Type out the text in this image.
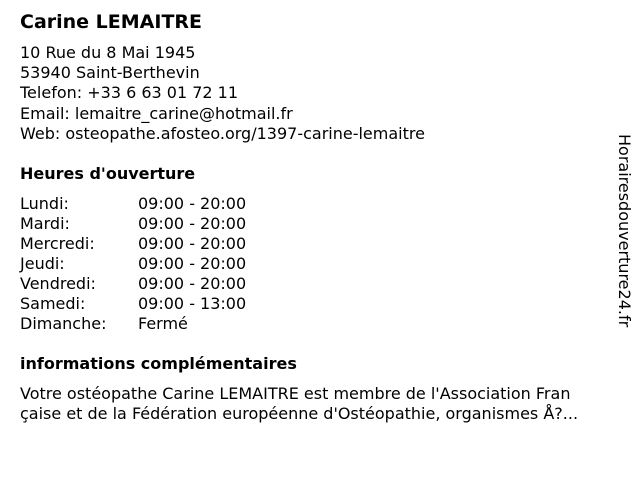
Carine LEMAITRE
10 Rue du 8 Mai 1945
53940 Saint-Berthevin
Telefon: +33 6 63 01 72 11
Email: lemaitre_carine@hotmail.fr
Web: osteopathe.afosteo.org/1397-carine-lemaitre
Heures d'ouverture
Lundi:	09:00 - 20:00
Mardi:	09:00 - 20:00
Mercredi:	09:00 - 20:00
Jeudi:	09:00 - 20:00
Vendredi:	09:00 - 20:00
Samedi:	09:00 - 13:00
Dimanche: Fermé
informations complémentaires
Votre ostéopathe Carine LEMAITRE est membre de l'Association Fran
çaise et de la Fédération européenne d'Ostéopathie, organismes Å?...
Horairesdouverture24.fr
